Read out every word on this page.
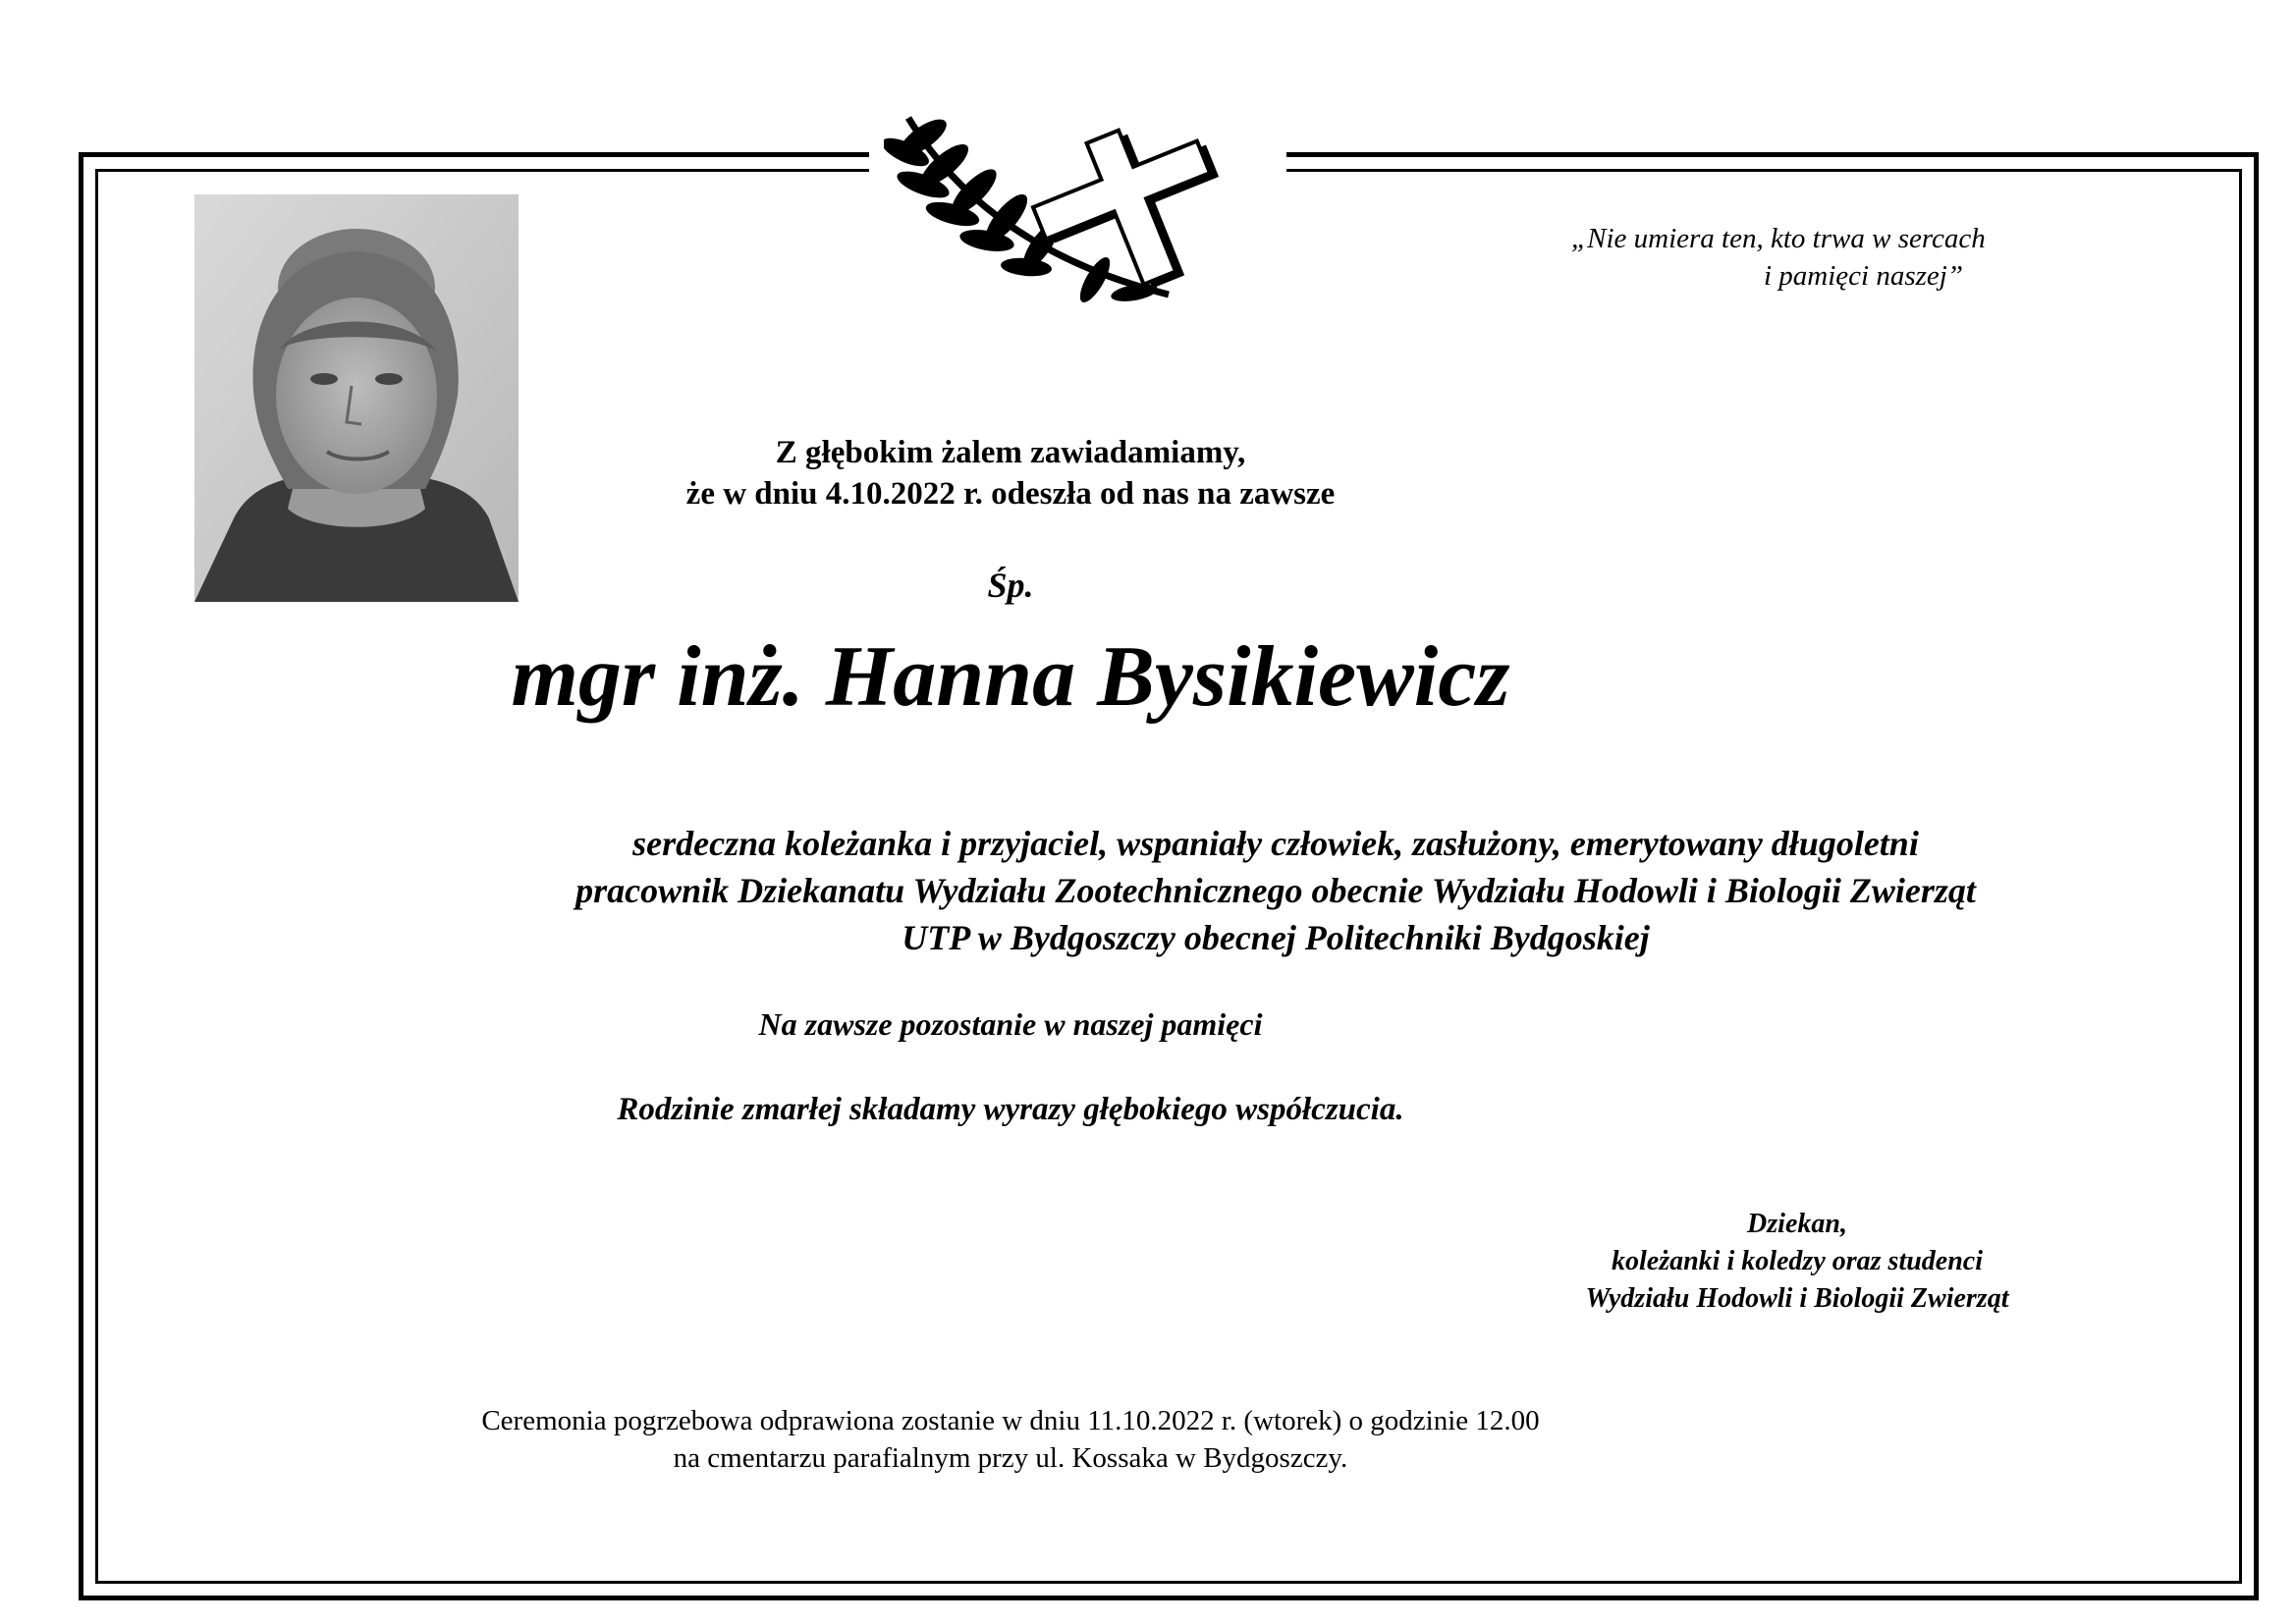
„Nie umiera ten, kto trwa w sercach
i pamięci naszej”
Z głębokim żalem zawiadamiamy,
że w dniu 4.10.2022 r. odeszła od nas na zawsze
Śp.
mgr inż. Hanna Bysikiewicz
serdeczna koleżanka i przyjaciel, wspaniały człowiek, zasłużony, emerytowany długoletni
pracownik Dziekanatu Wydziału Zootechnicznego obecnie Wydziału Hodowli i Biologii Zwierząt
UTP w Bydgoszczy obecnej Politechniki Bydgoskiej
Na zawsze pozostanie w naszej pamięci
Rodzinie zmarłej składamy wyrazy głębokiego współczucia.
Dziekan,
koleżanki i koledzy oraz studenci
Wydziału Hodowli i Biologii Zwierząt
Ceremonia pogrzebowa odprawiona zostanie w dniu 11.10.2022 r. (wtorek) o godzinie 12.00
na cmentarzu parafialnym przy ul. Kossaka w Bydgoszczy.
